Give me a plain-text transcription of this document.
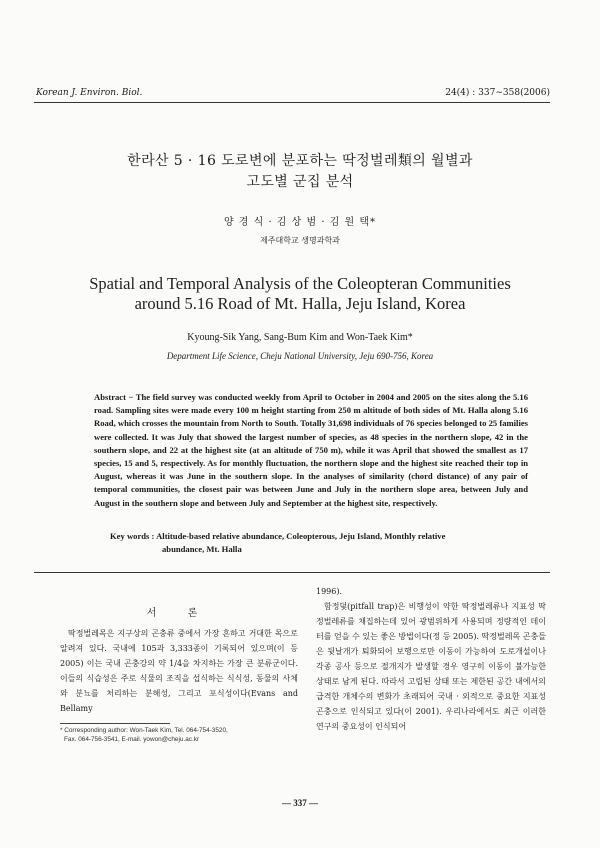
Korean J. Environ. Biol.	24(4) : 337∼358(2006)
한라산 5 · 16 도로변에 분포하는 딱정벌레類의 월별과
고도별 군집 분석
양 경 식 · 김 상 범 · 김 원 택*
제주대학교 생명과학과
Spatial and Temporal Analysis of the Coleopteran Communities
around 5.16 Road of Mt. Halla, Jeju Island, Korea
Kyoung-Sik Yang, Sang-Bum Kim and Won-Taek Kim*
Department Life Science, Cheju National University, Jeju 690-756, Korea
Abstract − The field survey was conducted weekly from April to October in 2004 and 2005 on the sites along the 5.16 road. Sampling sites were made every 100 m height starting from 250 m altitude of both sides of Mt. Halla along 5.16 Road, which crosses the mountain from North to South. Totally 31,698 individuals of 76 species belonged to 25 families were collected. It was July that showed the largest number of species, as 48 species in the northern slope, 42 in the southern slope, and 22 at the highest site (at an altitude of 750 m), while it was April that showed the smallest as 17 species, 15 and 5, respectively. As for monthly fluctuation, the northern slope and the highest site reached their top in August, whereas it was June in the southern slope. In the analyses of similarity (chord distance) of any pair of temporal communities, the closest pair was between June and July in the northern slope area, between July and August in the southern slope and between July and September at the highest site, respectively.
Key words : Altitude-based relative abundance, Coleopterous, Jeju Island, Monthly relative
abundance, Mt. Halla
서 론
딱정벌레목은 지구상의 곤충류 중에서 가장 흔하고 거대한 목으로 알려져 있다. 국내에 105과 3,333종이 기록되어 있으며(이 등 2005) 이는 국내 곤충강의 약 1/4을 차지하는 가장 큰 분류군이다. 이들의 식습성은 주로 식물의 조직을 섭식하는 식식성, 동물의 사체와 분뇨를 처리하는 분해성, 그리고 포식성이다(Evans and Bellamy

1996).

함정덫(pitfall trap)은 비행성이 약한 딱정벌레류나 지표성 딱정벌레류를 채집하는데 있어 광범위하게 사용되며 정량적인 데이터를 얻을 수 있는 좋은 방법이다(정 등 2005). 딱정벌레목 곤충들은 뒷날개가 퇴화되어 보행으로만 이동이 가능하여 도로개설이나 각종 공사 등으로 절개지가 발생할 경우 영구히 이동이 불가능한 상태로 남게 된다. 따라서 고립된 상태 또는 제한된 공간 내에서의 급격한 개체수의 변화가 초래되어 국내 · 외적으로 중요한 지표성 곤충으로 인식되고 있다(이 2001). 우리나라에서도 최근 이러한 연구의 중요성이 인식되어

* Corresponding author: Won-Taek Kim, Tel. 064-754-3520,
Fax. 064-756-3541, E-mail. yowon@cheju.ac.kr
— 337 —
